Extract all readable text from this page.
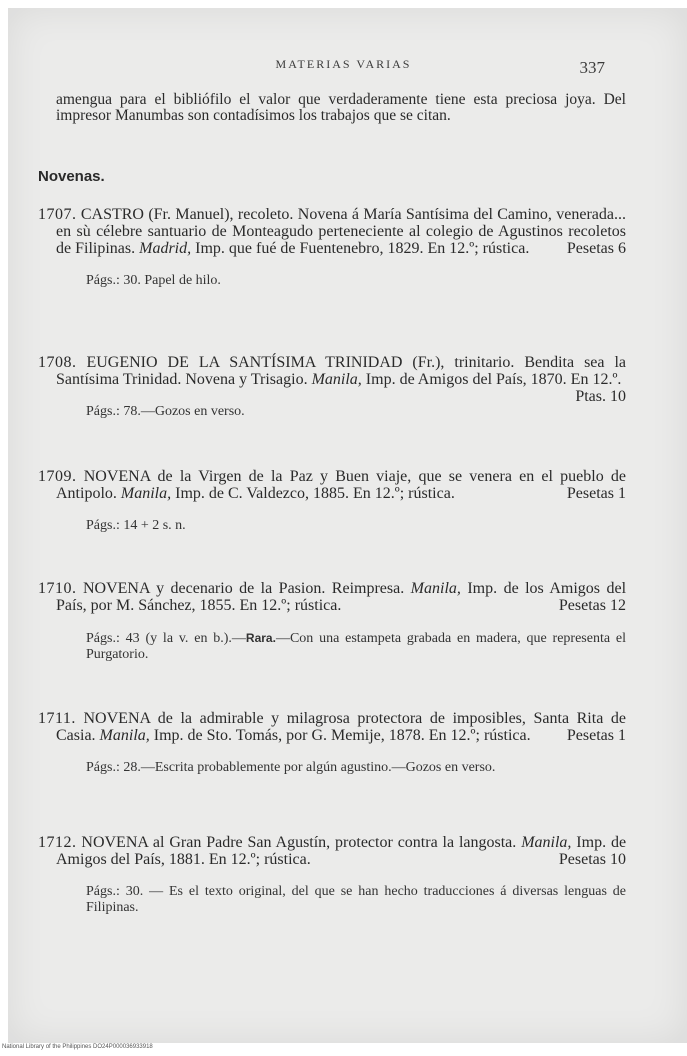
MATERIAS VARIAS	337
amengua para el bibliófilo el valor que verdaderamente tiene esta preciosa joya. Del impresor Manumbas son contadísimos los trabajos que se citan.
Novenas.
1707. CASTRO (Fr. Manuel), recoleto. Novena á María Santísima del Camino, venerada... en sù célebre santuario de Monteagudo perteneciente al colegio de Agustinos recoletos de Filipinas. Madrid, Imp. que fué de Fuentenebro, 1829. En 12.º; rústica. Pesetas 6
Págs.: 30. Papel de hilo.
1708. EUGENIO DE LA SANTÍSIMA TRINIDAD (Fr.), trinitario. Bendita sea la Santísima Trinidad. Novena y Trisagio. Manila, Imp. de Amigos del País, 1870. En 12.º.
Ptas. 10
Págs.: 78.—Gozos en verso.
1709. NOVENA de la Virgen de la Paz y Buen viaje, que se venera en el pueblo de Antipolo. Manila, Imp. de C. Valdezco, 1885. En 12.º; rústica.	Pesetas 1
Págs.: 14 + 2 s. n.
1710. NOVENA y decenario de la Pasion. Reimpresa. Manila, Imp. de los Amigos del País, por M. Sánchez, 1855. En 12.º; rústica.	Pesetas 12
Págs.: 43 (y la v. en b.).—Rara.—Con una estampeta grabada en madera, que representa el Purgatorio.
1711. NOVENA de la admirable y milagrosa protectora de imposibles, Santa Rita de Casia. Manila, Imp. de Sto. Tomás, por G. Memije, 1878. En 12.º; rústica. Pesetas 1
Págs.: 28.—Escrita probablemente por algún agustino.—Gozos en verso.
1712. NOVENA al Gran Padre San Agustín, protector contra la langosta. Manila, Imp. de Amigos del País, 1881. En 12.º; rústica.	Pesetas 10
Págs.: 30. — Es el texto original, del que se han hecho traducciones á diversas lenguas de Filipinas.
National Library of the Philippines DO24P000036933918
